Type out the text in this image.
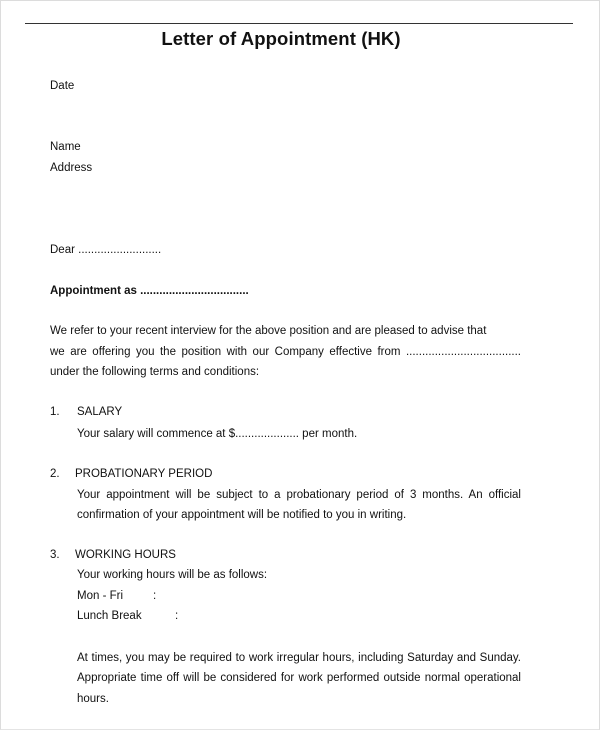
Letter of Appointment (HK)
Date
Name
Address
Dear ..........................
Appointment as ..................................
We refer to your recent interview for the above position and are pleased to advise that
we are offering you the position with our Company effective from ....................................
under the following terms and conditions:
1. SALARY
Your salary will commence at $.................... per month.
2. PROBATIONARY PERIOD
Your appointment will be subject to a probationary period of 3 months. An official
confirmation of your appointment will be notified to you in writing.
3. WORKING HOURS
Your working hours will be as follows:
Mon - Fri	:
Lunch Break	:
At times, you may be required to work irregular hours, including Saturday and Sunday.
Appropriate time off will be considered for work performed outside normal operational
hours.
